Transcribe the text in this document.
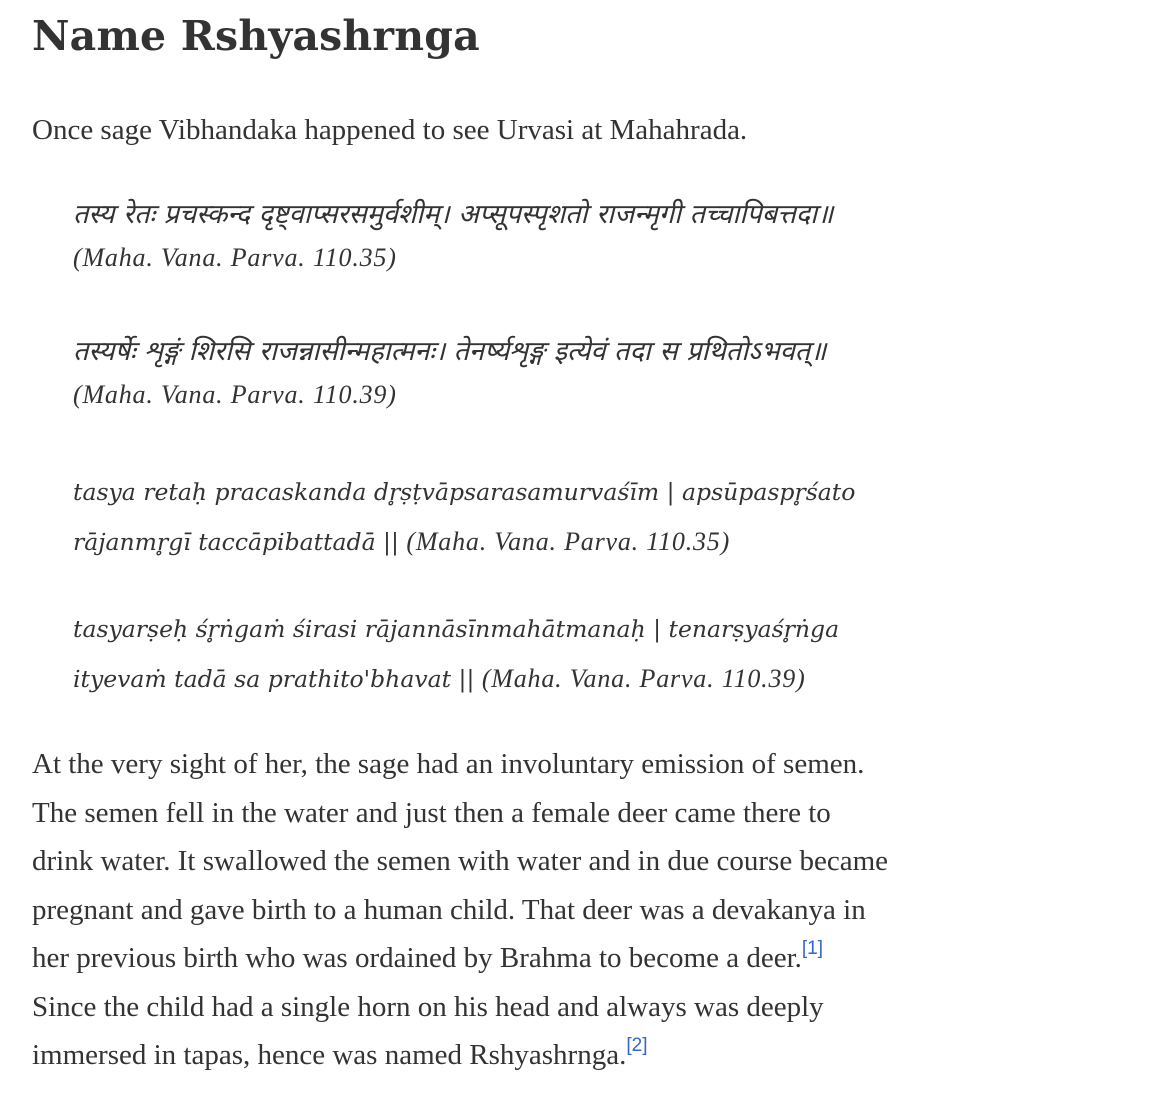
Name Rshyashrnga

Once sage Vibhandaka happened to see Urvasi at Mahahrada.

तस्य रेतः प्रचस्कन्द दृष्ट्वाप्सरसमुर्वशीम्। अप्सूपस्पृशतो राजन्मृगी तच्चापिबत्तदा॥
(Maha. Vana. Parva. 110.35)
तस्यर्षेः शृङ्गं शिरसि राजन्नासीन्महात्मनः। तेनर्ष्यशृङ्ग इत्येवं तदा स प्रथितोऽभवत्॥
(Maha. Vana. Parva. 110.39)
tasya retaḥ pracaskanda dr̥ṣṭvāpsarasamurvaśīm | apsūpaspr̥śato
rājanmr̥gī taccāpibattadā || (Maha. Vana. Parva. 110.35)
tasyarṣeḥ śr̥ṅgaṁ śirasi rājannāsīnmahātmanaḥ | tenarṣyaśr̥ṅga
ityevaṁ tadā sa prathito'bhavat || (Maha. Vana. Parva. 110.39)

At the very sight of her, the sage had an involuntary emission of semen.
The semen fell in the water and just then a female deer came there to
drink water. It swallowed the semen with water and in due course became
pregnant and gave birth to a human child. That deer was a devakanya in
her previous birth who was ordained by Brahma to become a deer.[1]
Since the child had a single horn on his head and always was deeply
immersed in tapas, hence was named Rshyashrnga.[2]
